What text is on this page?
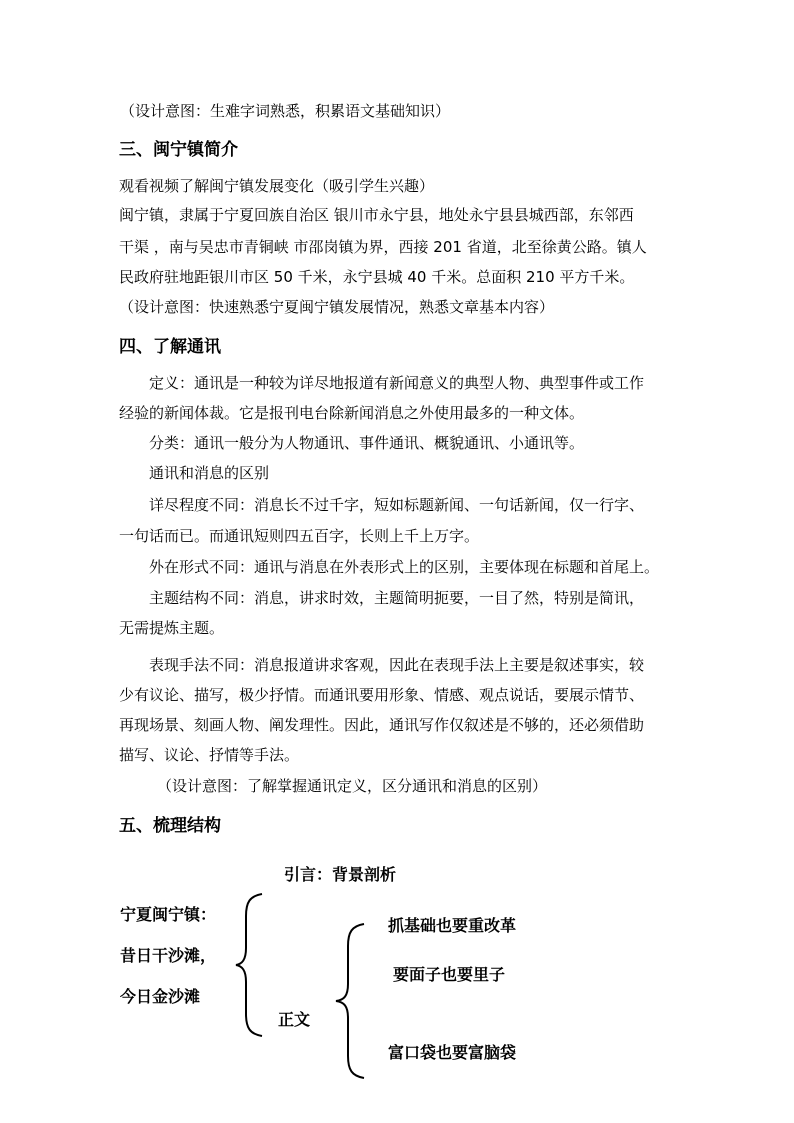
（设计意图：生难字词熟悉，积累语文基础知识）
三、闽宁镇简介
观看视频了解闽宁镇发展变化（吸引学生兴趣）
闽宁镇，隶属于宁夏回族自治区 银川市永宁县，地处永宁县县城西部，东邻西
干渠 ，南与吴忠市青铜峡 市邵岗镇为界，西接 201 省道，北至徐黄公路。镇人
民政府驻地距银川市区 50 千米，永宁县城 40 千米。总面积 210 平方千米。
（设计意图：快速熟悉宁夏闽宁镇发展情况，熟悉文章基本内容）
四、了解通讯
定义：通讯是一种较为详尽地报道有新闻意义的典型人物、典型事件或工作
经验的新闻体裁。它是报刊电台除新闻消息之外使用最多的一种文体。
分类：通讯一般分为人物通讯、事件通讯、概貌通讯、小通讯等。
通讯和消息的区别
详尽程度不同：消息长不过千字，短如标题新闻、一句话新闻，仅一行字、
一句话而已。而通讯短则四五百字，长则上千上万字。
外在形式不同：通讯与消息在外表形式上的区别，主要体现在标题和首尾上。
主题结构不同：消息，讲求时效，主题简明扼要，一目了然，特别是简讯，
无需提炼主题。
表现手法不同：消息报道讲求客观，因此在表现手法上主要是叙述事实，较
少有议论、描写，极少抒情。而通讯要用形象、情感、观点说话，要展示情节、
再现场景、刻画人物、阐发理性。因此，通讯写作仅叙述是不够的，还必须借助
描写、议论、抒情等手法。
（设计意图：了解掌握通讯定义，区分通讯和消息的区别）
五、梳理结构
引言：背景剖析
宁夏闽宁镇：
昔日干沙滩，
今日金沙滩
正文
抓基础也要重改革
要面子也要里子
富口袋也要富脑袋
